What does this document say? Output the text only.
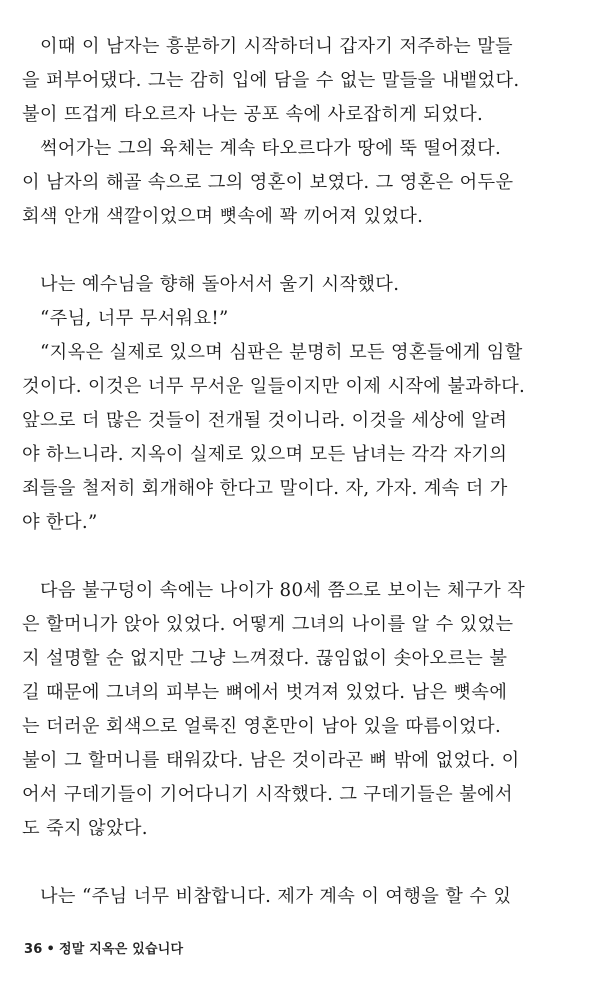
이때 이 남자는 흥분하기 시작하더니 갑자기 저주하는 말들
을 퍼부어댔다. 그는 감히 입에 담을 수 없는 말들을 내뱉었다.
불이 뜨겁게 타오르자 나는 공포 속에 사로잡히게 되었다.
썩어가는 그의 육체는 계속 타오르다가 땅에 뚝 떨어졌다.
이 남자의 해골 속으로 그의 영혼이 보였다. 그 영혼은 어두운
회색 안개 색깔이었으며 뼛속에 꽉 끼어져 있었다.
나는 예수님을 향해 돌아서서 울기 시작했다.
“주님, 너무 무서워요!”
“지옥은 실제로 있으며 심판은 분명히 모든 영혼들에게 임할
것이다. 이것은 너무 무서운 일들이지만 이제 시작에 불과하다.
앞으로 더 많은 것들이 전개될 것이니라. 이것을 세상에 알려
야 하느니라. 지옥이 실제로 있으며 모든 남녀는 각각 자기의
죄들을 철저히 회개해야 한다고 말이다. 자, 가자. 계속 더 가
야 한다.”
다음 불구덩이 속에는 나이가 80세 쯤으로 보이는 체구가 작
은 할머니가 앉아 있었다. 어떻게 그녀의 나이를 알 수 있었는
지 설명할 순 없지만 그냥 느껴졌다. 끊임없이 솟아오르는 불
길 때문에 그녀의 피부는 뼈에서 벗겨져 있었다. 남은 뼛속에
는 더러운 회색으로 얼룩진 영혼만이 남아 있을 따름이었다.
불이 그 할머니를 태워갔다. 남은 것이라곤 뼈 밖에 없었다. 이
어서 구데기들이 기어다니기 시작했다. 그 구데기들은 불에서
도 죽지 않았다.
나는 “주님 너무 비참합니다. 제가 계속 이 여행을 할 수 있
36 • 정말 지옥은 있습니다
